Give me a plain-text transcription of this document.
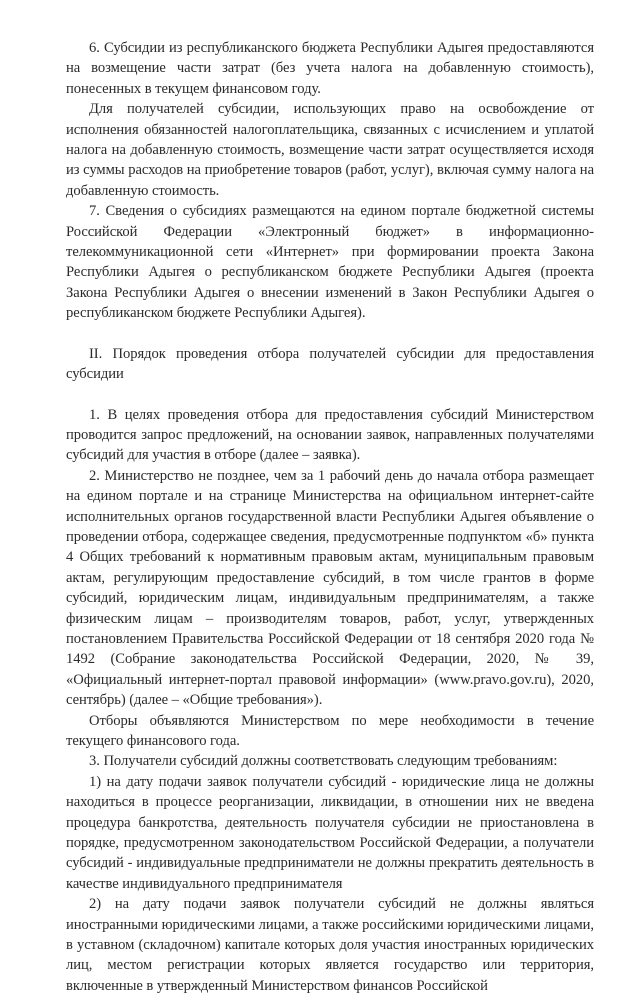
6. Субсидии из республиканского бюджета Республики Адыгея предоставляются на возмещение части затрат (без учета налога на добавленную стоимость), понесенных в текущем финансовом году.

Для получателей субсидии, использующих право на освобождение от исполнения обязанностей налогоплательщика, связанных с исчислением и уплатой налога на добавленную стоимость, возмещение части затрат осуществляется исходя из суммы расходов на приобретение товаров (работ, услуг), включая сумму налога на добавленную стоимость.

7. Сведения о субсидиях размещаются на едином портале бюджетной системы Российской Федерации «Электронный бюджет» в информационно-телекоммуникационной сети «Интернет» при формировании проекта Закона Республики Адыгея о республиканском бюджете Республики Адыгея (проекта Закона Республики Адыгея о внесении изменений в Закон Республики Адыгея о республиканском бюджете Республики Адыгея).

II. Порядок проведения отбора получателей субсидии для предоставления субсидии

1. В целях проведения отбора для предоставления субсидий Министерством проводится запрос предложений, на основании заявок, направленных получателями субсидий для участия в отборе (далее – заявка).

2. Министерство не позднее, чем за 1 рабочий день до начала отбора размещает на едином портале и на странице Министерства на официальном интернет-сайте исполнительных органов государственной власти Республики Адыгея объявление о проведении отбора, содержащее сведения, предусмотренные подпунктом «б» пункта 4 Общих требований к нормативным правовым актам, муниципальным правовым актам, регулирующим предоставление субсидий, в том числе грантов в форме субсидий, юридическим лицам, индивидуальным предпринимателям, а также физическим лицам – производителям товаров, работ, услуг, утвержденных постановлением Правительства Российской Федерации от 18 сентября 2020 года № 1492 (Собрание законодательства Российской Федерации, 2020, № 39, «Официальный интернет-портал правовой информации» (www.pravo.gov.ru), 2020, сентябрь) (далее – «Общие требования»).

Отборы объявляются Министерством по мере необходимости в течение текущего финансового года.

3. Получатели субсидий должны соответствовать следующим требованиям:

1) на дату подачи заявок получатели субсидий - юридические лица не должны находиться в процессе реорганизации, ликвидации, в отношении них не введена процедура банкротства, деятельность получателя субсидии не приостановлена в порядке, предусмотренном законодательством Российской Федерации, а получатели субсидий - индивидуальные предприниматели не должны прекратить деятельность в качестве индивидуального предпринимателя

2) на дату подачи заявок получатели субсидий не должны являться иностранными юридическими лицами, а также российскими юридическими лицами, в уставном (складочном) капитале которых доля участия иностранных юридических лиц, местом регистрации которых является государство или территория, включенные в утвержденный Министерством финансов Российской
